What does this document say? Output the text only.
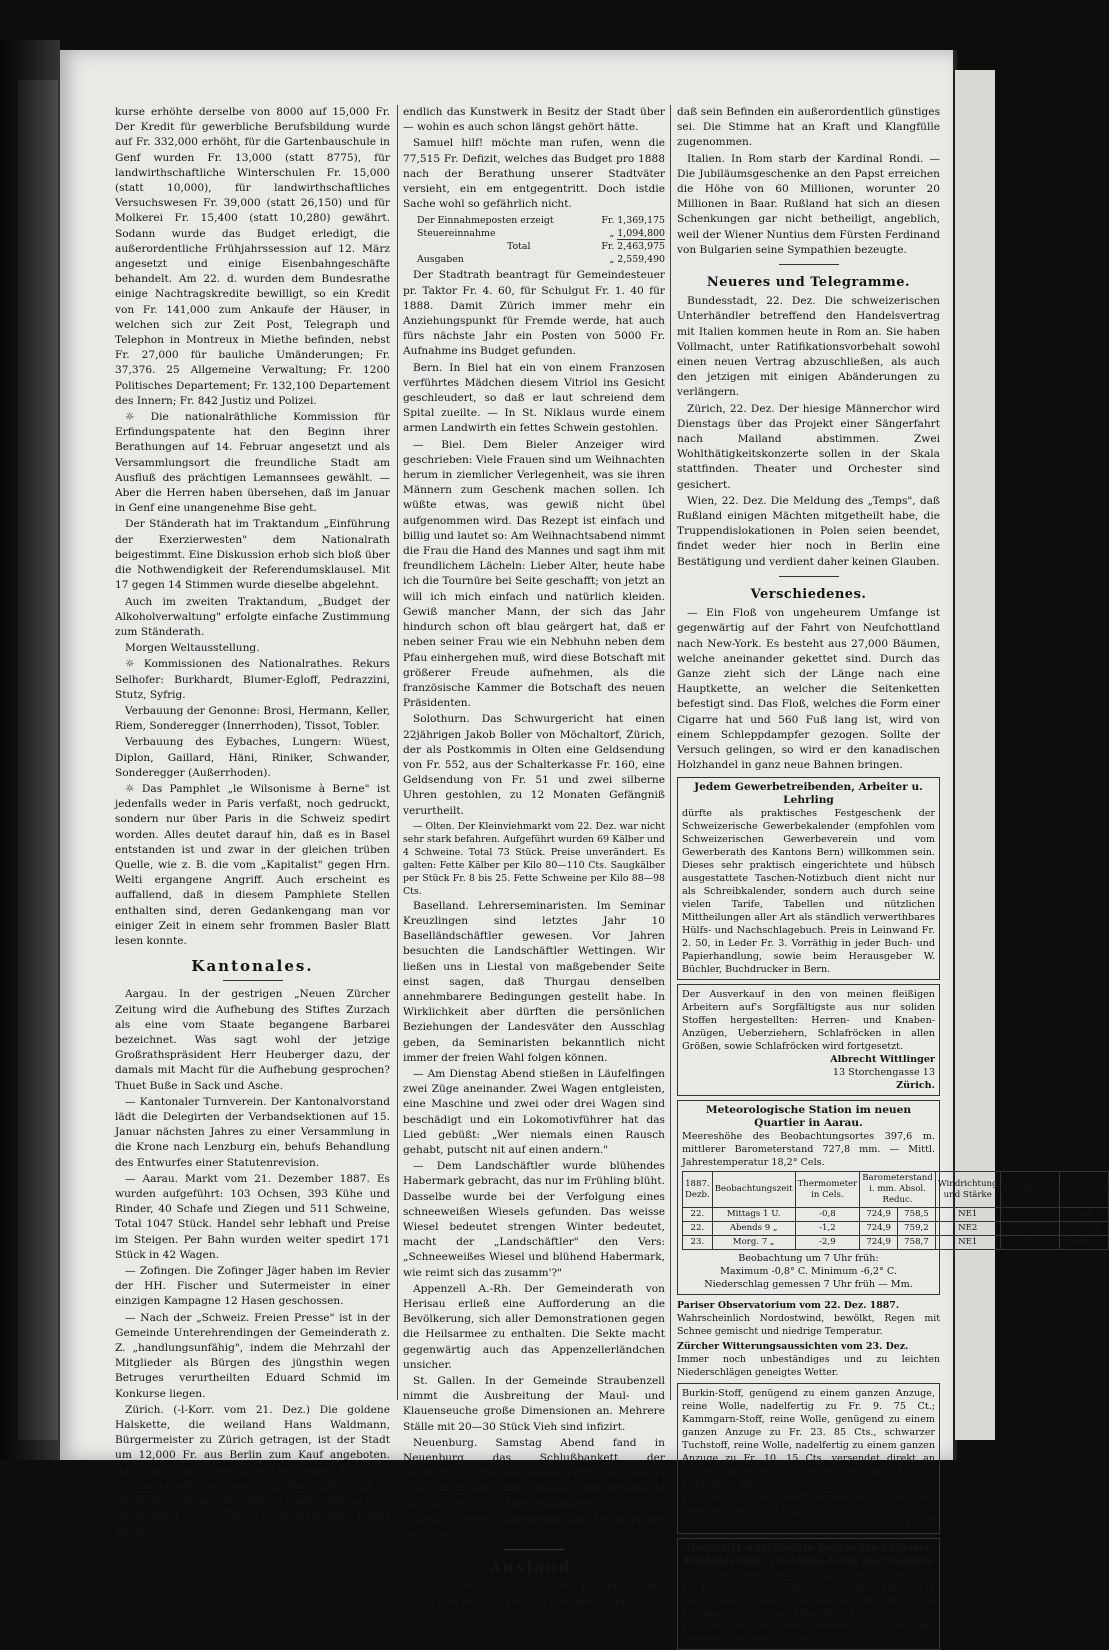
kurse erhöhte derselbe von 8000 auf 15,000 Fr. Der Kredit für gewerbliche Berufsbildung wurde auf Fr. 332,000 erhöht, für die Gartenbauschule in Genf wurden Fr. 13,000 (statt 8775), für landwirthschaftliche Winterschulen Fr. 15,000 (statt 10,000), für landwirthschaftliches Versuchswesen Fr. 39,000 (statt 26,150) und für Molkerei Fr. 15,400 (statt 10,280) gewährt. Sodann wurde das Budget erledigt, die außerordentliche Frühjahrssession auf 12. März angesetzt und einige Eisenbahngeschäfte behandelt. Am 22. d. wurden dem Bundesrathe einige Nachtragskredite bewilligt, so ein Kredit von Fr. 141,000 zum Ankaufe der Häuser, in welchen sich zur Zeit Post, Telegraph und Telephon in Montreux in Miethe befinden, nebst Fr. 27,000 für bauliche Umänderungen; Fr. 37,376. 25 Allgemeine Verwaltung; Fr. 1200 Politisches Departement; Fr. 132,100 Departement des Innern; Fr. 842 Justiz und Polizei.

☼ Die nationalräthliche Kommission für Erfindungspatente hat den Beginn ihrer Berathungen auf 14. Februar angesetzt und als Versammlungsort die freundliche Stadt am Ausfluß des prächtigen Lemannsees gewählt. — Aber die Herren haben übersehen, daß im Januar in Genf eine unangenehme Bise geht.

Der Ständerath hat im Traktandum „Einführung der Exerzierwesten" dem Nationalrath beigestimmt. Eine Diskussion erhob sich bloß über die Nothwendigkeit der Referendumsklausel. Mit 17 gegen 14 Stimmen wurde dieselbe abgelehnt.

Auch im zweiten Traktandum, „Budget der Alkoholverwaltung" erfolgte einfache Zustimmung zum Ständerath.

Morgen Weltausstellung.

☼ Kommissionen des Nationalrathes. Rekurs Selhofer: Burkhardt, Blumer-Egloff, Pedrazzini, Stutz, Syfrig.

Verbauung der Genonne: Brosi, Hermann, Keller, Riem, Sonderegger (Innerrhoden), Tissot, Tobler.

Verbauung des Eybaches, Lungern: Wüest, Diplon, Gaillard, Häni, Riniker, Schwander, Sonderegger (Außerrhoden).

☼ Das Pamphlet „le Wilsonisme à Berne" ist jedenfalls weder in Paris verfaßt, noch gedruckt, sondern nur über Paris in die Schweiz spedirt worden. Alles deutet darauf hin, daß es in Basel entstanden ist und zwar in der gleichen trüben Quelle, wie z. B. die vom „Kapitalist" gegen Hrn. Welti ergangene Angriff. Auch erscheint es auffallend, daß in diesem Pamphlete Stellen enthalten sind, deren Gedankengang man vor einiger Zeit in einem sehr frommen Basler Blatt lesen konnte.

Kantonales.

Aargau. In der gestrigen „Neuen Zürcher Zeitung wird die Aufhebung des Stiftes Zurzach als eine vom Staate begangene Barbarei bezeichnet. Was sagt wohl der jetzige Großrathspräsident Herr Heuberger dazu, der damals mit Macht für die Aufhebung gesprochen? Thuet Buße in Sack und Asche.

— Kantonaler Turnverein. Der Kantonalvorstand lädt die Delegirten der Verbandsektionen auf 15. Januar nächsten Jahres zu einer Versammlung in die Krone nach Lenzburg ein, behufs Behandlung des Entwurfes einer Statutenrevision.

— Aarau. Markt vom 21. Dezember 1887. Es wurden aufgeführt: 103 Ochsen, 393 Kühe und Rinder, 40 Schafe und Ziegen und 511 Schweine, Total 1047 Stück. Handel sehr lebhaft und Preise im Steigen. Per Bahn wurden weiter spedirt 171 Stück in 42 Wagen.

— Zofingen. Die Zofinger Jäger haben im Revier der HH. Fischer und Sutermeister in einer einzigen Kampagne 12 Hasen geschossen.

— Nach der „Schweiz. Freien Presse" ist in der Gemeinde Unterehrendingen der Gemeinderath z. Z. „handlungsunfähig", indem die Mehrzahl der Mitglieder als Bürgen des jüngsthin wegen Betruges verurtheilten Eduard Schmid im Konkurse liegen.

Zürich. (-l-Korr. vom 21. Dez.) Die goldene Halskette, die weiland Hans Waldmann, Bürgermeister zu Zürich getragen, ist der Stadt um 12,000 Fr. aus Berlin zum Kauf angeboten. Jetzt sind aus freiwilligen Beiträgen 4860 Fr. zusammengeflossen und der Stadtrath wird in nächster Sitzung zweifellos einen Antrag auf Bewilligung von 7500 Fr. genehmigen. Damit ginge

endlich das Kunstwerk in Besitz der Stadt über — wohin es auch schon längst gehört hätte.

Samuel hilf! möchte man rufen, wenn die 77,515 Fr. Defizit, welches das Budget pro 1888 nach der Berathung unserer Stadtväter versieht, ein em entgegentritt. Doch istdie Sache wohl so gefährlich nicht.

Der Einnahmeposten erzeigt	Fr. 1,369,175
Steuereinnahme	„ 1,094,800
Total	Fr. 2,463,975
Ausgaben	„ 2,559,490

Der Stadtrath beantragt für Gemeindesteuer pr. Taktor Fr. 4. 60, für Schulgut Fr. 1. 40 für 1888. Damit Zürich immer mehr ein Anziehungspunkt für Fremde werde, hat auch fürs nächste Jahr ein Posten von 5000 Fr. Aufnahme ins Budget gefunden.

Bern. In Biel hat ein von einem Franzosen verführtes Mädchen diesem Vitriol ins Gesicht geschleudert, so daß er laut schreiend dem Spital zueilte. — In St. Niklaus wurde einem armen Landwirth ein fettes Schwein gestohlen.

— Biel. Dem Bieler Anzeiger wird geschrieben: Viele Frauen sind um Weihnachten herum in ziemlicher Verlegenheit, was sie ihren Männern zum Geschenk machen sollen. Ich wüßte etwas, was gewiß nicht übel aufgenommen wird. Das Rezept ist einfach und billig und lautet so: Am Weihnachtsabend nimmt die Frau die Hand des Mannes und sagt ihm mit freundlichem Lächeln: Lieber Alter, heute habe ich die Tournüre bei Seite geschafft; von jetzt an will ich mich einfach und natürlich kleiden. Gewiß mancher Mann, der sich das Jahr hindurch schon oft blau geärgert hat, daß er neben seiner Frau wie ein Nebhuhn neben dem Pfau einhergehen muß, wird diese Botschaft mit größerer Freude aufnehmen, als die französische Kammer die Botschaft des neuen Präsidenten.

Solothurn. Das Schwurgericht hat einen 22jährigen Jakob Boller von Möchaltorf, Zürich, der als Postkommis in Olten eine Geldsendung von Fr. 552, aus der Schalterkasse Fr. 160, eine Geldsendung von Fr. 51 und zwei silberne Uhren gestohlen, zu 12 Monaten Gefängniß verurtheilt.

— Olten. Der Kleinviehmarkt vom 22. Dez. war nicht sehr stark befahren. Aufgeführt wurden 69 Kälber und 4 Schweine. Total 73 Stück. Preise unverändert. Es galten: Fette Kälber per Kilo 80—110 Cts. Saugkälber per Stück Fr. 8 bis 25. Fette Schweine per Kilo 88—98 Cts.

Baselland. Lehrerseminaristen. Im Seminar Kreuzlingen sind letztes Jahr 10 Baselländschäftler gewesen. Vor Jahren besuchten die Landschäftler Wettingen. Wir ließen uns in Liestal von maßgebender Seite einst sagen, daß Thurgau denselben annehmbarere Bedingungen gestellt habe. In Wirklichkeit aber dürften die persönlichen Beziehungen der Landesväter den Ausschlag geben, da Seminaristen bekanntlich nicht immer der freien Wahl folgen können.

— Am Dienstag Abend stießen in Läufelfingen zwei Züge aneinander. Zwei Wagen entgleisten, eine Maschine und zwei oder drei Wagen sind beschädigt und ein Lokomotivführer hat das Lied gebüßt: „Wer niemals einen Rausch gehabt, putscht nit auf einen andern."

— Dem Landschäftler wurde blühendes Habermark gebracht, das nur im Frühling blüht. Dasselbe wurde bei der Verfolgung eines schneeweißen Wiesels gefunden. Das weisse Wiesel bedeutet strengen Winter bedeutet, macht der „Landschäftler" den Vers: „Schneeweißes Wiesel und blühend Habermark, wie reimt sich das zusamm'?"

Appenzell A.-Rh. Der Gemeinderath von Herisau erließ eine Aufforderung an die Bevölkerung, sich aller Demonstrationen gegen die Heilsarmee zu enthalten. Die Sekte macht gegenwärtig auch das Appenzellerländchen unsicher.

St. Gallen. In der Gemeinde Straubenzell nimmt die Ausbreitung der Maul- und Klauenseuche große Dimensionen an. Mehrere Ställe mit 20—30 Stück Vieh sind infizirt.

Neuenburg. Samstag Abend fand in Neuenburg das Schlußbankett der landwirthschaftlichen Ausstellung statt, wobei u. A. die tessinischen Nationalräthe Bernasconi und Stoppani als Gäste beiwohnten.

Genf. Carteret übernimmt das Departement des Innern.

Ausland.

Deutschland. Der deutsche Kronprinz läßt durch den Hofrath Dr. Teschow ankünden,

daß sein Befinden ein außerordentlich günstiges sei. Die Stimme hat an Kraft und Klangfülle zugenommen.

Italien. In Rom starb der Kardinal Rondi. — Die Jubiläumsgeschenke an den Papst erreichen die Höhe von 60 Millionen, worunter 20 Millionen in Baar. Rußland hat sich an diesen Schenkungen gar nicht betheiligt, angeblich, weil der Wiener Nuntius dem Fürsten Ferdinand von Bulgarien seine Sympathien bezeugte.

Neueres und Telegramme.

Bundesstadt, 22. Dez. Die schweizerischen Unterhändler betreffend den Handelsvertrag mit Italien kommen heute in Rom an. Sie haben Vollmacht, unter Ratifikationsvorbehalt sowohl einen neuen Vertrag abzuschließen, als auch den jetzigen mit einigen Abänderungen zu verlängern.

Zürich, 22. Dez. Der hiesige Männerchor wird Dienstags über das Projekt einer Sängerfahrt nach Mailand abstimmen. Zwei Wohlthätigkeitskonzerte sollen in der Skala stattfinden. Theater und Orchester sind gesichert.

Wien, 22. Dez. Die Meldung des „Temps", daß Rußland einigen Mächten mitgetheilt habe, die Truppendislokationen in Polen seien beendet, findet weder hier noch in Berlin eine Bestätigung und verdient daher keinen Glauben.

Verschiedenes.

— Ein Floß von ungeheurem Umfange ist gegenwärtig auf der Fahrt von Neufchottland nach New-York. Es besteht aus 27,000 Bäumen, welche aneinander gekettet sind. Durch das Ganze zieht sich der Länge nach eine Hauptkette, an welcher die Seitenketten befestigt sind. Das Floß, welches die Form einer Cigarre hat und 560 Fuß lang ist, wird von einem Schleppdampfer gezogen. Sollte der Versuch gelingen, so wird er den kanadischen Holzhandel in ganz neue Bahnen bringen.

Jedem Gewerbetreibenden, Arbeiter u. Lehrling
dürfte als praktisches Festgeschenk der Schweizerische Gewerbekalender (empfohlen vom Schweizerischen Gewerbeverein und vom Gewerberath des Kantons Bern) willkommen sein. Dieses sehr praktisch eingerichtete und hübsch ausgestattete Taschen-Notizbuch dient nicht nur als Schreibkalender, sondern auch durch seine vielen Tarife, Tabellen und nützlichen Mittheilungen aller Art als ständlich verwerthbares Hülfs- und Nachschlagebuch. Preis in Leinwand Fr. 2. 50, in Leder Fr. 3. Vorräthig in jeder Buch- und Papierhandlung, sowie beim Herausgeber W. Büchler, Buchdrucker in Bern.
Der Ausverkauf in den von meinen fleißigen Arbeitern auf's Sorgfältigste aus nur soliden Stoffen hergestellten: Herren- und Knaben-Anzügen, Ueberziehern, Schlafröcken in allen Größen, sowie Schlafröcken wird fortgesetzt.
Albrecht Wittlinger
13 Storchengasse 13
Zürich.
Meteorologische Station im neuen Quartier in Aarau.
Meereshöhe des Beobachtungsortes 397,6 m. mittlerer Barometerstand 727,8 mm. — Mittl. Jahrestemperatur 18,2° Cels.
1887. Dezb.	Beobachtungszeit	Thermometer in Cels.	Barometerstand i. mm. Absol. Reduc.		Windrichtung und Stärke	Feuchtigkeit	Witterung
22.	Mittags 1 U.	-0,8	724,9	758,5	NE1	65	hell
22.	Abends 9 „	-1,2	724,9	759,2	NE2	60	dunstig
23.	Morg. 7 „	-2,9	724,9	758,7	NE1	58	bewölkt.
Beobachtung um 7 Uhr früh:
Maximum -0,8° C. Minimum -6,2° C.
Niederschlag gemessen 7 Uhr früh — Mm.
Pariser Observatorium vom 22. Dez. 1887.
Wahrscheinlich Nordostwind, bewölkt, Regen mit Schnee gemischt und niedrige Temperatur.
Zürcher Witterungsaussichten vom 23. Dez.
Immer noch unbeständiges und zu leichten Niederschlägen geneigtes Wetter.
Burkin-Stoff, genügend zu einem ganzen Anzuge, reine Wolle, nadelfertig zu Fr. 9. 75 Ct.; Kammgarn-Stoff, reine Wolle, genügend zu einem ganzen Anzuge zu Fr. 23. 85 Cts., schwarzer Tuchstoff, reine Wolle, nadelfertig zu einem ganzen Anzuge zu Fr. 10. 15 Cts. versendet direkt an Private portofrei in's Haus Dettinger & Co., Centralhof, Zürich.
P. S. Muster-Collectionen bereitwilligst franco und neueste Modebilder gratis.
[4793
Garantirt waschächte bedruckte Elsässer Foulardstoffe, Cretonne-forte und Zephirs
in vorzüglichster Qualität à 24 Ct. per Elle oder 40 Ct. per Meter versenden in einzelnen Metern, in den, sowie in ganzen Stücken portofrei in's Haus Dettinger & Co., Centralhof, Zürich.
P. S. Muster-Collectionen bereitwilligst franco und neueste Modebilder gratis.
